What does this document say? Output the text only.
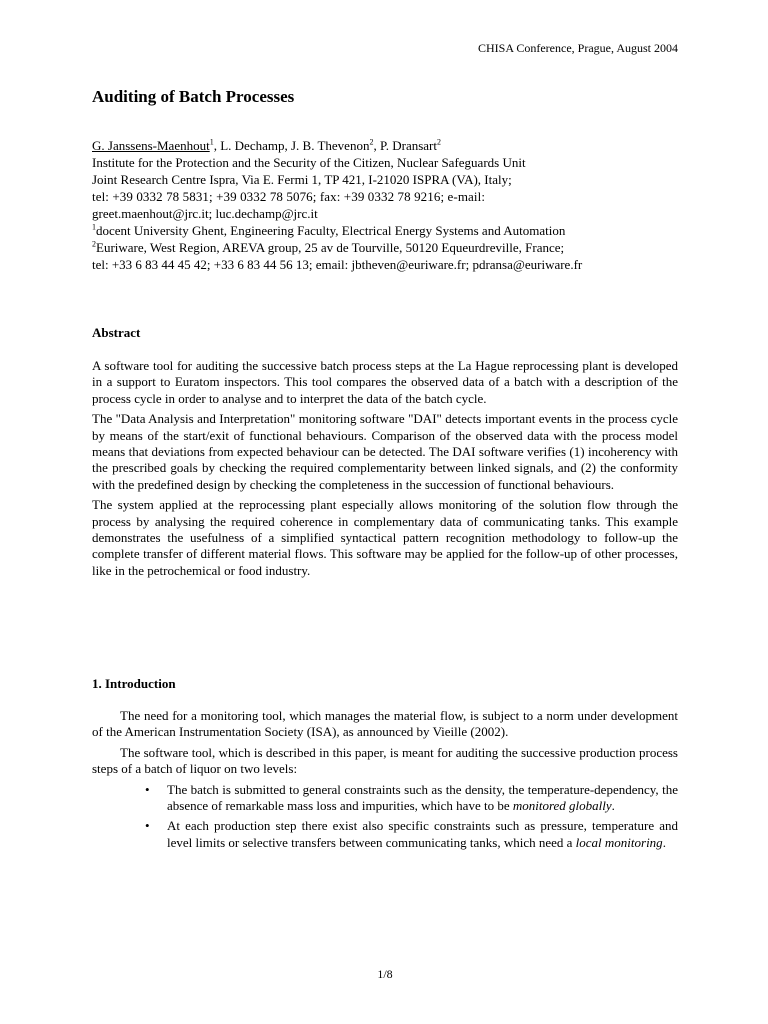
CHISA Conference, Prague, August 2004
Auditing of Batch Processes
G. Janssens-Maenhout$^1$, L. Dechamp, J. B. Thevenon$^2$, P. Dransart$^2$
Institute for the Protection and the Security of the Citizen, Nuclear Safeguards Unit
Joint Research Centre Ispra, Via E. Fermi 1, TP 421, I-21020 ISPRA (VA), Italy;
tel: +39 0332 78 5831; +39 0332 78 5076; fax: +39 0332 78 9216; e-mail:
greet.maenhout@jrc.it; luc.dechamp@jrc.it
$^1$docent University Ghent, Engineering Faculty, Electrical Energy Systems and Automation
$^2$Euriware, West Region, AREVA group, 25 av de Tourville, 50120 Equeurdreville, France;
tel: +33 6 83 44 45 42; +33 6 83 44 56 13; email: jbtheven@euriware.fr; pdransa@euriware.fr
Abstract

A software tool for auditing the successive batch process steps at the La Hague reprocessing plant is developed in a support to Euratom inspectors. This tool compares the observed data of a batch with a description of the process cycle in order to analyse and to interpret the data of the batch cycle.

The "Data Analysis and Interpretation" monitoring software "DAI" detects important events in the process cycle by means of the start/exit of functional behaviours. Comparison of the observed data with the process model means that deviations from expected behaviour can be detected. The DAI software verifies (1) incoherency with the prescribed goals by checking the required complementarity between linked signals, and (2) the conformity with the predefined design by checking the completeness in the succession of functional behaviours.

The system applied at the reprocessing plant especially allows monitoring of the solution flow through the process by analysing the required coherence in complementary data of communicating tanks. This example demonstrates the usefulness of a simplified syntactical pattern recognition methodology to follow-up the complete transfer of different material flows. This software may be applied for the follow-up of other processes, like in the petrochemical or food industry.

1. Introduction

The need for a monitoring tool, which manages the material flow, is subject to a norm under development of the American Instrumentation Society (ISA), as announced by Vieille (2002).

The software tool, which is described in this paper, is meant for auditing the successive production process steps of a batch of liquor on two levels:

• The batch is submitted to general constraints such as the density, the temperature-dependency, the absence of remarkable mass loss and impurities, which have to be monitored globally.
• At each production step there exist also specific constraints such as pressure, temperature and level limits or selective transfers between communicating tanks, which need a local monitoring.
1/8
